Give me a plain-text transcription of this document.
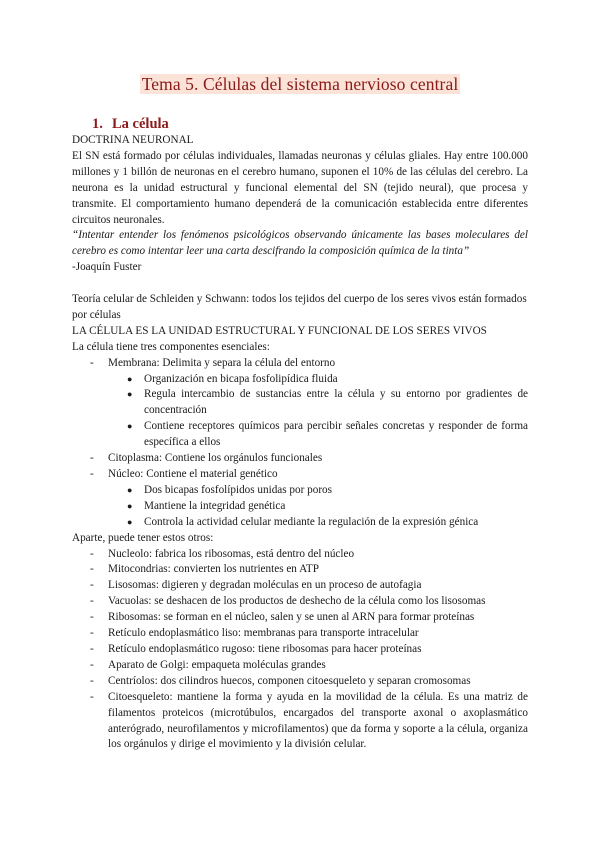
Tema 5. Células del sistema nervioso central
1. La célula

DOCTRINA NEURONAL

El SN está formado por células individuales, llamadas neuronas y células gliales. Hay entre 100.000 millones y 1 billón de neuronas en el cerebro humano, suponen el 10% de las células del cerebro. La neurona es la unidad estructural y funcional elemental del SN (tejido neural), que procesa y transmite. El comportamiento humano dependerá de la comunicación establecida entre diferentes circuitos neuronales.

“Intentar entender los fenómenos psicológicos observando únicamente las bases moleculares del cerebro es como intentar leer una carta descifrando la composición química de la tinta”

-Joaquín Fuster

Teoría celular de Schleiden y Schwann: todos los tejidos del cuerpo de los seres vivos están formados por células

LA CÉLULA ES LA UNIDAD ESTRUCTURAL Y FUNCIONAL DE LOS SERES VIVOS

La célula tiene tres componentes esenciales:

- Membrana: Delimita y separa la célula del entorno
● Organización en bicapa fosfolipídica fluida
● Regula intercambio de sustancias entre la célula y su entorno por gradientes de concentración
● Contiene receptores químicos para percibir señales concretas y responder de forma específica a ellos
- Citoplasma: Contiene los orgánulos funcionales
- Núcleo: Contiene el material genético
● Dos bicapas fosfolípidos unidas por poros
● Mantiene la integridad genética
● Controla la actividad celular mediante la regulación de la expresión génica

Aparte, puede tener estos otros:

- Nucleolo: fabrica los ribosomas, está dentro del núcleo
- Mitocondrias: convierten los nutrientes en ATP
- Lisosomas: digieren y degradan moléculas en un proceso de autofagia
- Vacuolas: se deshacen de los productos de deshecho de la célula como los lisosomas
- Ribosomas: se forman en el núcleo, salen y se unen al ARN para formar proteínas
- Retículo endoplasmático liso: membranas para transporte intracelular
- Retículo endoplasmático rugoso: tiene ribosomas para hacer proteínas
- Aparato de Golgi: empaqueta moléculas grandes
- Centríolos: dos cilindros huecos, componen citoesqueleto y separan cromosomas
- Citoesqueleto: mantiene la forma y ayuda en la movilidad de la célula. Es una matriz de filamentos proteicos (microtúbulos, encargados del transporte axonal o axoplasmático anterógrado, neurofilamentos y microfilamentos) que da forma y soporte a la célula, organiza los orgánulos y dirige el movimiento y la división celular.
